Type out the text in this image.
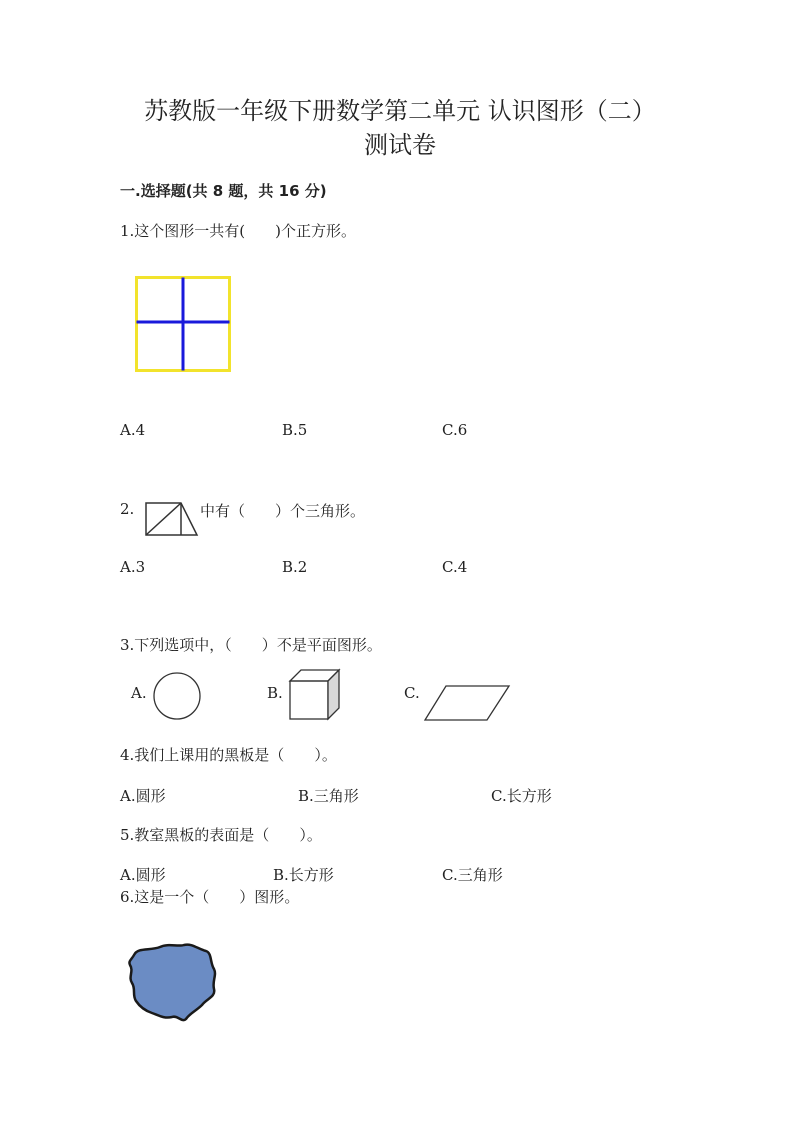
苏教版一年级下册数学第二单元 认识图形（二）
测试卷
一.选择题(共 8 题，共 16 分)
1.这个图形一共有(　　)个正方形。
A.4	B.5	C.6
2.	中有（　　）个三角形。
A.3	B.2	C.4
3.下列选项中，（　　）不是平面图形。
A.	B.	C.
4.我们上课用的黑板是（　　）。
A.圆形	B.三角形	C.长方形
5.教室黑板的表面是（　　）。
A.圆形	B.长方形	C.三角形
6.这是一个（　　）图形。
